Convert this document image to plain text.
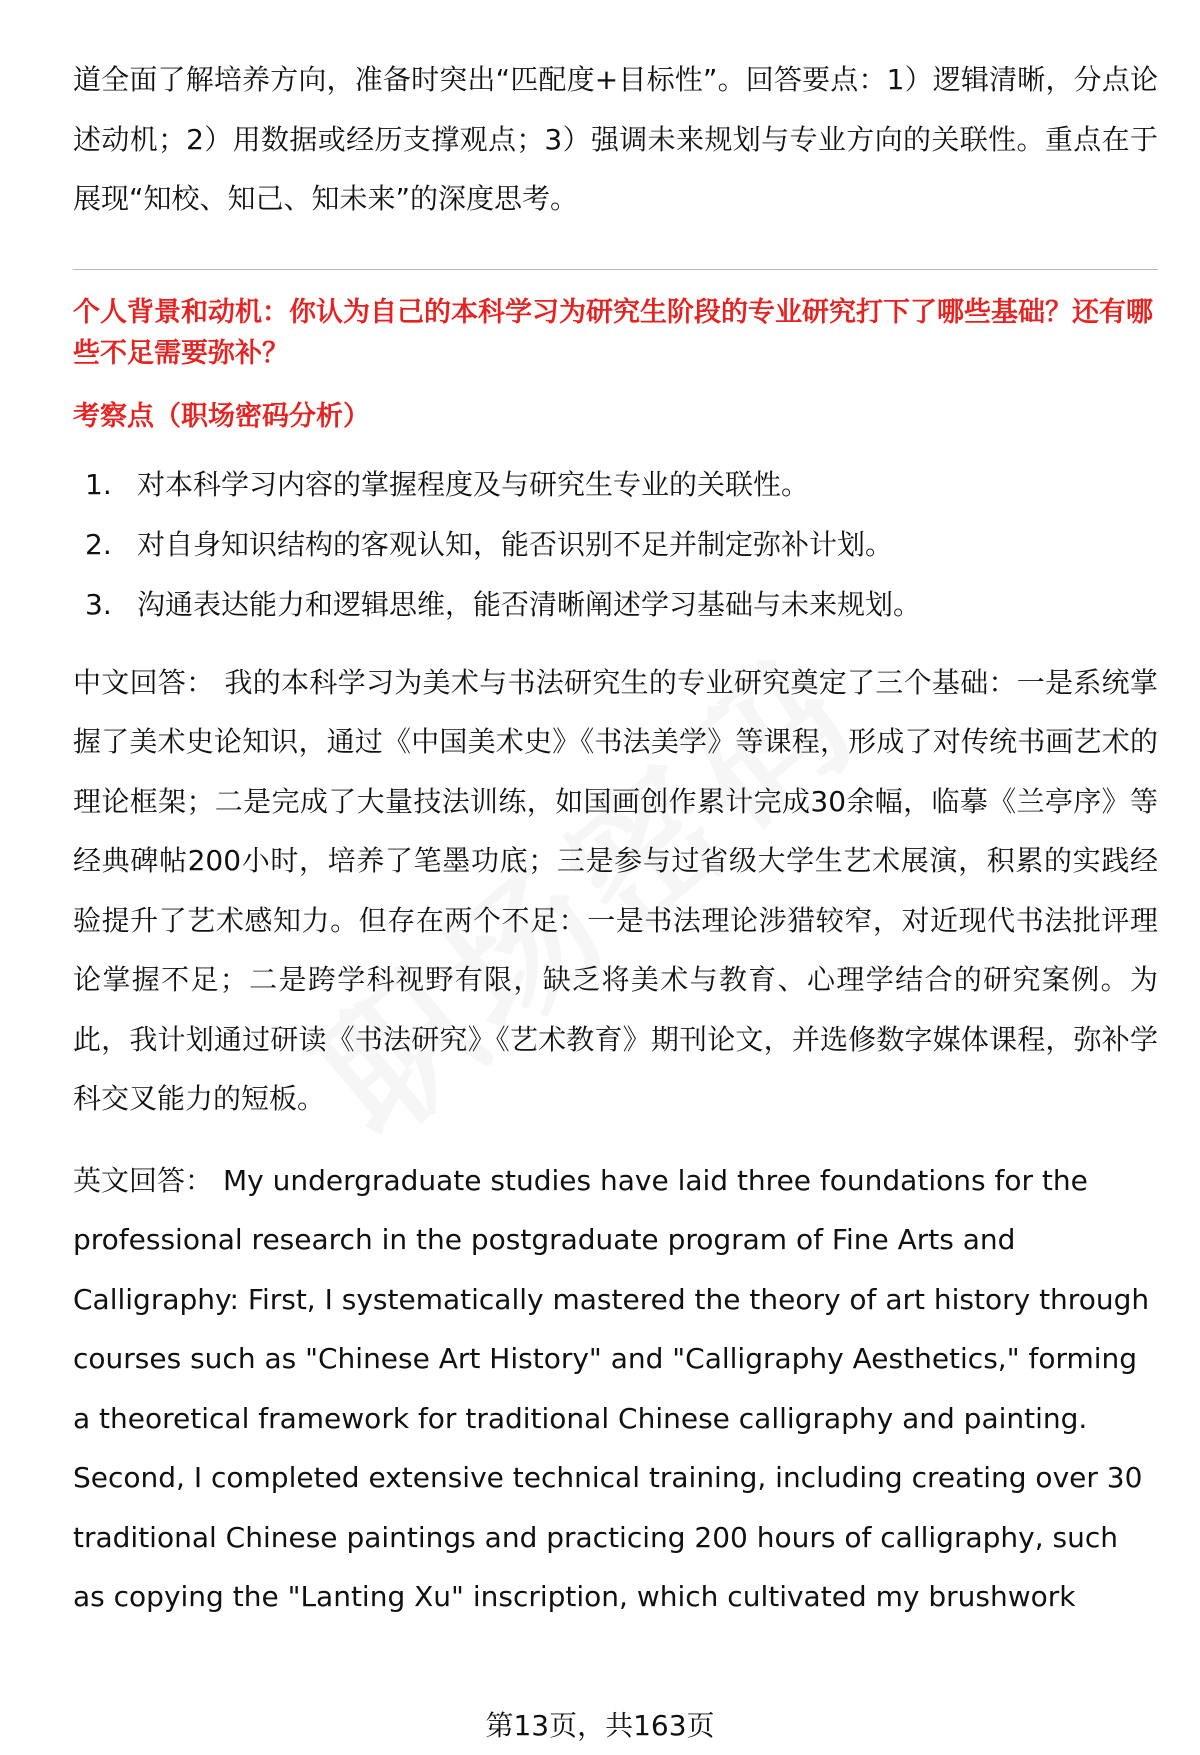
道全面了解培养方向，准备时突出“匹配度+目标性”。回答要点：1）逻辑清晰，分点论述动机；2）用数据或经历支撑观点；3）强调未来规划与专业方向的关联性。重点在于展现“知校、知己、知未来”的深度思考。

个人背景和动机：你认为自己的本科学习为研究生阶段的专业研究打下了哪些基础？还有哪些不足需要弥补？

考察点（职场密码分析）

1. 对本科学习内容的掌握程度及与研究生专业的关联性。
2. 对自身知识结构的客观认知，能否识别不足并制定弥补计划。
3. 沟通表达能力和逻辑思维，能否清晰阐述学习基础与未来规划。

中文回答： 我的本科学习为美术与书法研究生的专业研究奠定了三个基础：一是系统掌握了美术史论知识，通过《中国美术史》《书法美学》等课程，形成了对传统书画艺术的理论框架；二是完成了大量技法训练，如国画创作累计完成30余幅，临摹《兰亭序》等经典碑帖200小时，培养了笔墨功底；三是参与过省级大学生艺术展演，积累的实践经验提升了艺术感知力。但存在两个不足：一是书法理论涉猎较窄，对近现代书法批评理论掌握不足；二是跨学科视野有限，缺乏将美术与教育、心理学结合的研究案例。为此，我计划通过研读《书法研究》《艺术教育》期刊论文，并选修数字媒体课程，弥补学科交叉能力的短板。

英文回答： My undergraduate studies have laid three foundations for the professional research in the postgraduate program of Fine Arts and Calligraphy: First, I systematically mastered the theory of art history through courses such as "Chinese Art History" and "Calligraphy Aesthetics," forming a theoretical framework for traditional Chinese calligraphy and painting. Second, I completed extensive technical training, including creating over 30 traditional Chinese paintings and practicing 200 hours of calligraphy, such as copying the "Lanting Xu" inscription, which cultivated my brushwork

第13页，共163页
